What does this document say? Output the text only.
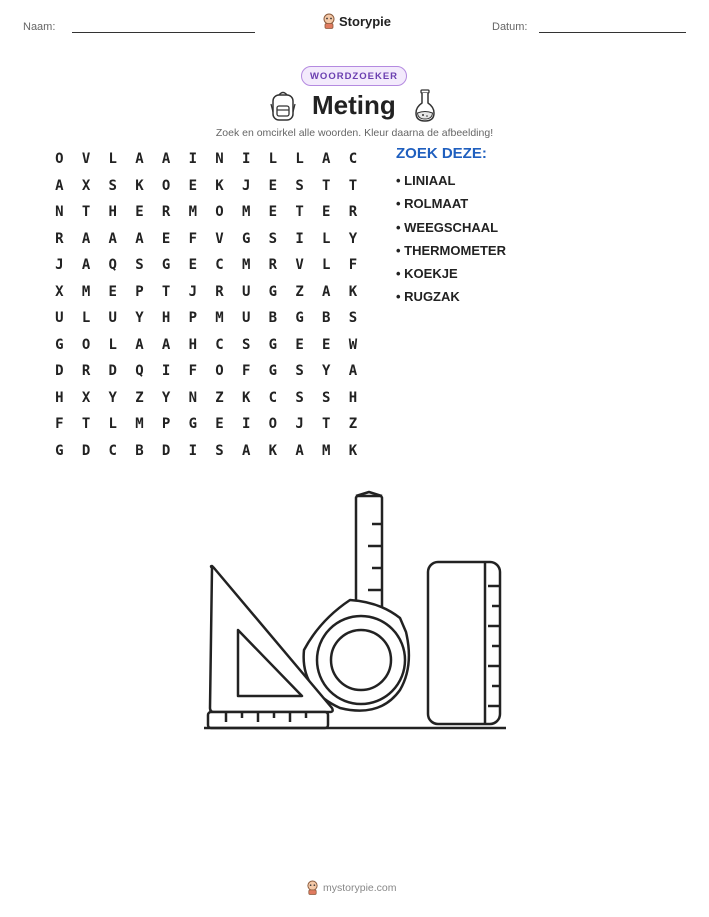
Naam:	Storypie	Datum:
WOORDZOEKER
Meting
Zoek en omcirkel alle woorden. Kleur daarna de afbeelding!
O	V	L	A	A	I	N	I	L	L	A	C
A	X	S	K	O	E	K	J	E	S	T	T
N	T	H	E	R	M	O	M	E	T	E	R
R	A	A	A	E	F	V	G	S	I	L	Y
J	A	Q	S	G	E	C	M	R	V	L	F
X	M	E	P	T	J	R	U	G	Z	A	K
U	L	U	Y	H	P	M	U	B	G	B	S
G	O	L	A	A	H	C	S	G	E	E	W
D	R	D	Q	I	F	O	F	G	S	Y	A
H	X	Y	Z	Y	N	Z	K	C	S	S	H
F	T	L	M	P	G	E	I	O	J	T	Z
G	D	C	B	D	I	S	A	K	A	M	K
ZOEK DEZE:
• LINIAAL
• ROLMAAT
• WEEGSCHAAL
• THERMOMETER
• KOEKJE
• RUGZAK
mystorypie.com
